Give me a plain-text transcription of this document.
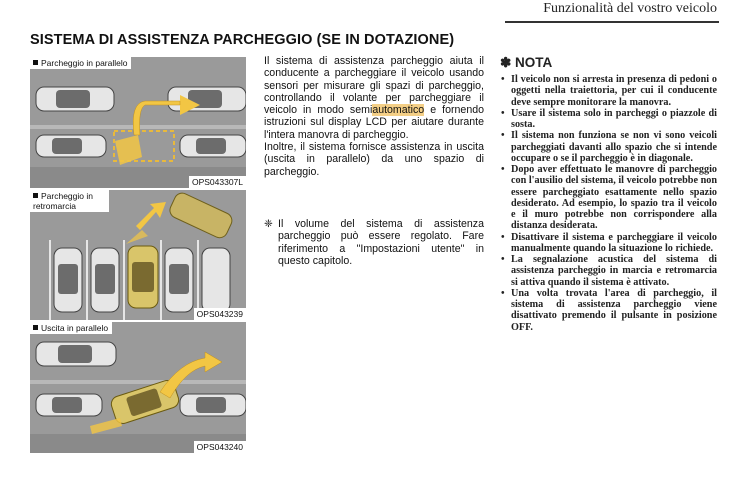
Funzionalità del vostro veicolo
SISTEMA DI ASSISTENZA PARCHEGGIO (SE IN DOTAZIONE)
Parcheggio in parallelo
OPS043307L
Parcheggio in retromarcia
OPS043239
Uscita in parallelo
OPS043240

Il sistema di assistenza parcheggio aiuta il conducente a parcheggiare il veicolo usando sensori per misurare gli spazi di parcheggio, controllando il volante per parcheggiare il veicolo in modo semiautomatico e fornendo istruzioni sul display LCD per aiutare durante l'intera manovra di parcheggio.

Inoltre, il sistema fornisce assistenza in uscita (uscita in parallelo) da uno spazio di parcheggio.

❈ Il volume del sistema di assistenza parcheggio può essere regolato. Fare riferimento a "Impostazioni utente" in questo capitolo.
✽ NOTA
• Il veicolo non si arresta in presenza di pedoni o oggetti nella traiettoria, per cui il conducente deve sempre monitorare la manovra.
• Usare il sistema solo in parcheggi o piazzole di sosta.
• Il sistema non funziona se non vi sono veicoli parcheggiati davanti allo spazio che si intende occupare o se il parcheggio è in diagonale.
• Dopo aver effettuato le manovre di parcheggio con l'ausilio del sistema, il veicolo potrebbe non essere parcheggiato esattamente nello spazio desiderato. Ad esempio, lo spazio tra il veicolo e il muro potrebbe non corrispondere alla distanza desiderata.
• Disattivare il sistema e parcheggiare il veicolo manualmente quando la situazione lo richiede.
• La segnalazione acustica del sistema di assistenza parcheggio in marcia e retromarcia si attiva quando il sistema è attivato.
• Una volta trovata l'area di parcheggio, il sistema di assistenza parcheggio viene disattivato premendo il pulsante in posizione OFF.
